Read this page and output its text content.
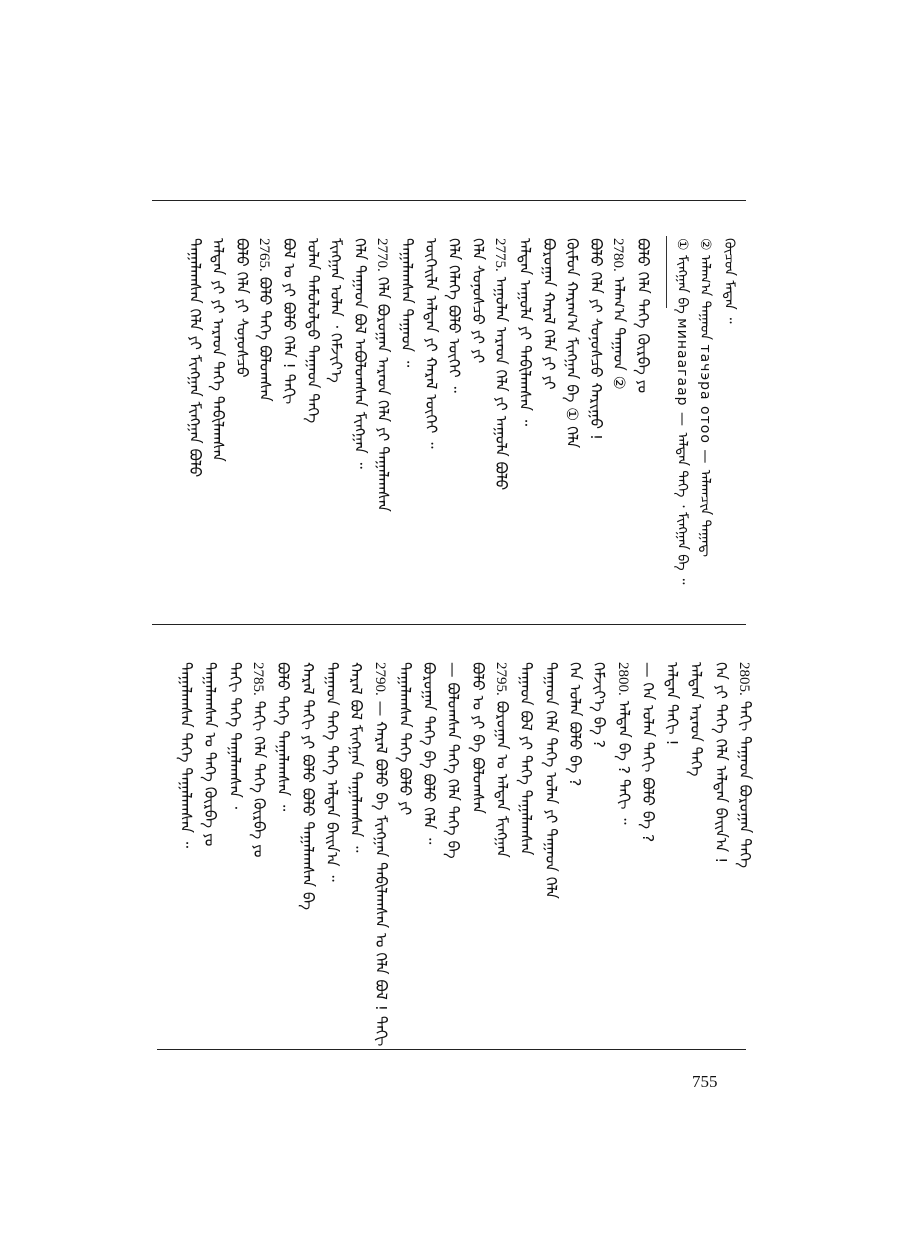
ᠬᠦᠴᠦᠨ ᠮᠡᠳᠡᠨ ᠃
② ᠠᠯᠠᠭ᠎ᠠ ᠲᠠᠭᠠᠳ тачэра отоо — ᠠᠯᠠᠭᠴᠢᠨ ᠲᠠᠭᠠᠳ᠋
① ᠮᠢᠩᠭᠠᠨ ᠪᠠ минаагаар — ᠠᠯᠳᠠᠨ ᠲᠡᠭᠡ ᠂ ᠮᠢᠩᠭᠠᠨ ᠪᠠ ᠃
ᠪᠣᠯᠤ ᠬᠡᠯᠡ ᠳᠡᠭᠡ ᠬᠦᠷᠪᠡ ᠶᠤ
2780. ᠠᠯᠠᠭ᠎ᠠ ᠲᠠᠭᠠᠳ ②
ᠪᠣᠯᠤ ᠬᠡᠯᠡ ᠶᠢ ᠰᠣᠨᠣᠰᠴᠤ ᠬᠠᠷᠢᠭᠤ !
ᠬᠦᠮᠦᠨ ᠬᠠᠷᠠᠭ᠎ᠠ ᠮᠢᠩᠭᠠᠨ ᠪᠠ ① ᠬᠡᠯᠡ
ᠪᠣᠷᠣᠭᠠᠨ ᠬᠠᠷᠠᠯ ᠬᠡᠯᠡ ᠶᠢ ᠶᠢ
ᠠᠯᠳᠠᠨ ᠠᠭᠤᠯᠠ ᠶᠢ ᠲᠠᠪᠢᠯᠠᠭᠰᠠᠨ ᠃
2775. ᠠᠭᠤᠯᠠᠨ ᠠᠷᠠᠳ ᠬᠡᠯᠡ ᠶᠢ ᠠᠭᠤᠯᠠ ᠪᠣᠯᠤ
ᠬᠡᠯᠡ ᠰᠣᠨᠣᠰᠴᠤ ᠶᠢ ᠶᠢ
ᠬᠡᠯᠡ ᠬᠡᠯᠡᠭᠡ ᠪᠣᠯᠤ ᠦᠭᠡᠢ ᠃
ᠦᠭᠡᠢᠯᠡ ᠠᠯᠳᠠᠨ ᠶᠢ ᠬᠠᠷᠠᠯ ᠦᠭᠡᠢ ᠃
ᠲᠠᠭᠠᠯᠠᠭᠰᠠᠨ ᠲᠠᠭᠠᠳ ᠃
2770. ᠬᠡᠯᠡ ᠪᠣᠷᠣᠭᠠᠨ ᠠᠷᠠᠳ ᠬᠡᠯᠡ ᠶᠢ ᠲᠠᠭᠠᠯᠠᠭᠰᠠᠨ
ᠬᠡᠯᠡ ᠲᠠᠭᠠᠳ ᠪᠣᠯ ᠠᠪᠤᠯᠤᠭᠰᠠᠨ ᠮᠢᠩᠭᠠᠨ ᠃
ᠮᠢᠩᠭᠠᠨ ᠣᠯᠠᠨ ᠂ ᠬᠡᠮᠵᠢᠶ᠎ᠡ
ᠣᠯᠠᠨ ᠲᠡᠮᠦᠯᠦᠯᠳᠦ ᠲᠠᠭᠠᠳ ᠲᠡᠭᠡ
ᠪᠣᠯ ᠣ ᠶᠢ ᠪᠣᠯᠤ ᠬᠡᠯᠡ ! ᠳᠠᠬᠢ
2765. ᠪᠣᠯᠤ ᠲᠡᠭᠡ ᠪᠣᠯᠤᠭᠰᠠᠨ
ᠪᠣᠯᠤ ᠬᠡᠯᠡ ᠶᠢ ᠰᠣᠨᠣᠰᠴᠤ
ᠠᠯᠳᠠᠨ ᠶᠢ ᠶᠢ ᠠᠷᠠᠳ ᠲᠡᠭᠡ ᠲᠠᠪᠢᠯᠠᠭᠰᠠᠨ
ᠲᠠᠭᠠᠯᠠᠭᠰᠠᠨ ᠬᠡᠯᠡ ᠶᠢ ᠮᠢᠩᠭᠠᠨ ᠮᠢᠩᠭᠠᠨ ᠪᠣᠯᠤ
2805. ᠳᠠᠬᠢ ᠲᠠᠭᠠᠳ ᠪᠣᠷᠣᠭᠠᠨ ᠲᠡᠭᠡ
ᠬᠡᠨ ᠶᠢ ᠲᠡᠭᠡ ᠬᠡᠯᠡ ᠠᠯᠳᠠᠨ ᠪᠠᠢᠨ᠎ᠠ !
ᠠᠯᠳᠠᠨ ᠠᠷᠠᠳ ᠲᠡᠭᠡ
ᠠᠯᠳᠠᠨ ᠳᠠᠬᠢ !
— ᠬᠡᠨ ᠣᠯᠠᠨ ᠳᠠᠬᠢ ᠪᠣᠯᠤ ᠪᠠ ?
2800. ᠠᠯᠳᠠᠨ ᠪᠠ ? ᠳᠠᠬᠢ ᠃
ᠬᠡᠮᠵᠢᠶ᠎ᠡ ᠪᠠ ?
ᠬᠡᠨ ᠣᠯᠠᠨ ᠪᠣᠯᠤ ᠪᠠ ?
ᠲᠠᠭᠠᠳ ᠬᠡᠯᠡ ᠲᠡᠭᠡ ᠣᠯᠠᠨ ᠶᠢ ᠲᠠᠭᠠᠳ ᠬᠡᠯᠡ
ᠲᠠᠭᠠᠳ ᠪᠣᠯ ᠶᠢ ᠲᠡᠭᠡ ᠲᠠᠭᠠᠯᠠᠭᠰᠠᠨ
2795. ᠪᠣᠷᠣᠭᠠᠨ ᠣ ᠠᠯᠳᠠᠨ ᠮᠢᠩᠭᠠᠨ
ᠪᠣᠯᠤ ᠣ ᠶᠢ ᠪᠠ ᠪᠣᠯᠤᠭᠰᠠᠨ
— ᠪᠣᠯᠤᠭᠰᠠᠨ ᠲᠡᠭᠡ ᠬᠡᠯᠡ ᠲᠡᠭᠡ ᠪᠠ
ᠪᠣᠷᠣᠭᠠᠨ ᠲᠡᠭᠡ ᠪᠠ ᠪᠣᠯᠤ ᠬᠡᠯᠡ ᠃
ᠲᠠᠭᠠᠯᠠᠭᠰᠠᠨ ᠲᠡᠭᠡ ᠪᠣᠯᠤ ᠶᠢ
2790. — ᠬᠠᠷᠠᠯ ᠪᠣᠯᠤ ᠪᠠ ᠮᠢᠩᠭᠠᠨ ᠲᠠᠪᠢᠯᠠᠭᠰᠠᠨ ᠣ ᠬᠡᠯᠡ ᠪᠣᠯ ! ᠳᠠᠬᠢ
ᠬᠠᠷᠠᠯ ᠪᠣᠯ ᠮᠢᠩᠭᠠᠨ ᠲᠠᠭᠠᠯᠠᠭᠰᠠᠨ ᠃
ᠲᠠᠭᠠᠳ ᠲᠡᠭᠡ ᠲᠡᠭᠡ ᠠᠯᠳᠠᠨ ᠪᠠᠢᠨ᠎ᠠ ᠃
ᠬᠠᠷᠠᠯ ᠳᠠᠬᠢ ᠶᠢ ᠪᠣᠯᠤ ᠪᠣᠯᠤ ᠲᠠᠭᠠᠯᠠᠭᠰᠠᠨ ᠪᠠ
ᠪᠣᠯᠤ ᠲᠡᠭᠡ ᠲᠠᠭᠠᠯᠠᠭᠰᠠᠨ ᠃
2785. ᠳᠠᠬᠢ ᠬᠡᠯᠡ ᠳᠡᠭᠡ ᠬᠦᠷᠪᠡ ᠶᠤ
ᠳᠠᠬᠢ ᠲᠡᠭᠡ ᠲᠠᠭᠠᠯᠠᠭᠰᠠᠨ ᠂
ᠲᠠᠭᠠᠯᠠᠭᠰᠠᠨ ᠣ ᠳᠡᠭᠡ ᠬᠦᠷᠪᠡ ᠶᠤ
ᠲᠠᠭᠠᠯᠠᠭᠰᠠᠨ ᠲᠡᠭᠡ ᠲᠠᠭᠠᠯᠠᠭᠰᠠᠨ ᠃
755
